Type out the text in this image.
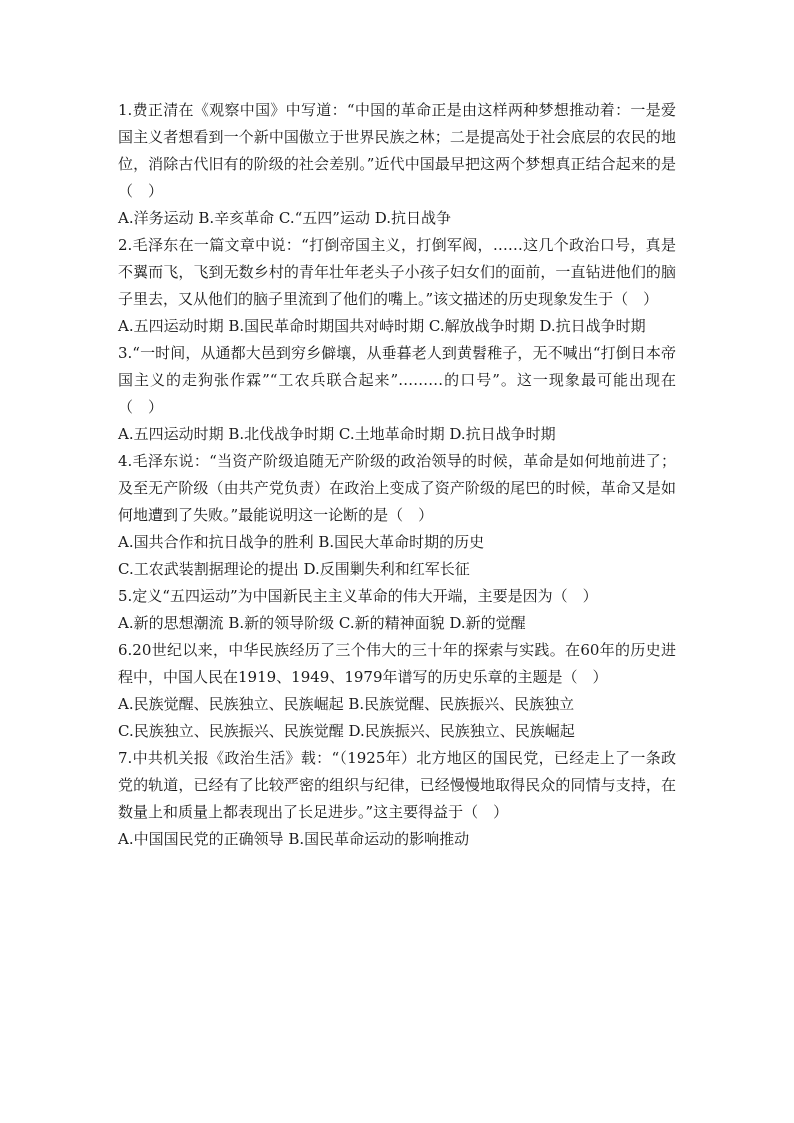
1.费正清在《观察中国》中写道：“中国的革命正是由这样两种梦想推动着：一是爱国主义者想看到一个新中国傲立于世界民族之林；二是提高处于社会底层的农民的地位，消除古代旧有的阶级的社会差别。”近代中国最早把这两个梦想真正结合起来的是（　）

A.洋务运动 B.辛亥革命 C.“五四”运动 D.抗日战争

2.毛泽东在一篇文章中说：“打倒帝国主义，打倒军阀，……这几个政治口号，真是不翼而飞，飞到无数乡村的青年壮年老头子小孩子妇女们的面前，一直钻进他们的脑子里去，又从他们的脑子里流到了他们的嘴上。”该文描述的历史现象发生于（　）

A.五四运动时期 B.国民革命时期国共对峙时期 C.解放战争时期 D.抗日战争时期

3.“一时间，从通都大邑到穷乡僻壤，从垂暮老人到黄髫稚子，无不喊出“打倒日本帝国主义的走狗张作霖”“工农兵联合起来”………的口号”。这一现象最可能出现在（　）

A.五四运动时期 B.北伐战争时期 C.土地革命时期 D.抗日战争时期

4.毛泽东说：“当资产阶级追随无产阶级的政治领导的时候，革命是如何地前进了；及至无产阶级（由共产党负责）在政治上变成了资产阶级的尾巴的时候，革命又是如何地遭到了失败。”最能说明这一论断的是（　）

A.国共合作和抗日战争的胜利 B.国民大革命时期的历史

C.工农武装割据理论的提出 D.反围剿失利和红军长征

5.定义“五四运动”为中国新民主主义革命的伟大开端，主要是因为（　）

A.新的思想潮流 B.新的领导阶级 C.新的精神面貌 D.新的觉醒

6.20世纪以来，中华民族经历了三个伟大的三十年的探索与实践。在60年的历史进程中，中国人民在1919、1949、1979年谱写的历史乐章的主题是（　）

A.民族觉醒、民族独立、民族崛起 B.民族觉醒、民族振兴、民族独立

C.民族独立、民族振兴、民族觉醒 D.民族振兴、民族独立、民族崛起

7.中共机关报《政治生活》载：“（1925年）北方地区的国民党，已经走上了一条政党的轨道，已经有了比较严密的组织与纪律，已经慢慢地取得民众的同情与支持，在数量上和质量上都表现出了长足进步。”这主要得益于（　）

A.中国国民党的正确领导 B.国民革命运动的影响推动
